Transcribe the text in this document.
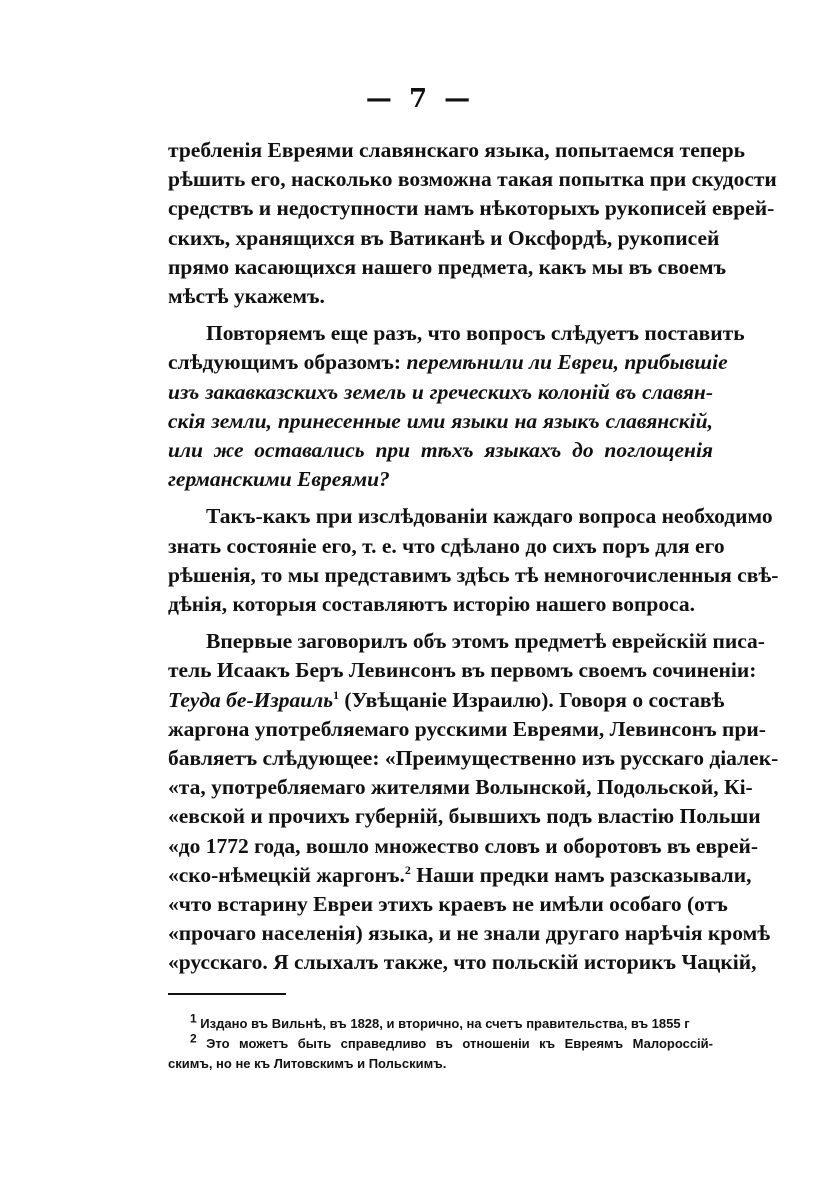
— 7 —

требленія Евреями славянскаго языка, попытаемся теперь
рѣшить его, насколько возможна такая попытка при скудости
средствъ и недоступности намъ нѣкоторыхъ рукописей еврей-
скихъ, хранящихся въ Ватиканѣ и Оксфордѣ, рукописей
прямо касающихся нашего предмета, какъ мы въ своемъ
мѣстѣ укажемъ.

Повторяемъ еще разъ, что вопросъ слѣдуетъ поставить
слѣдующимъ образомъ: перемѣнили ли Евреи, прибывшіе
изъ закавказскихъ земель и греческихъ колоній въ славян-
скія земли, принесенные ими языки на языкъ славянскій,
или же оставались при тѣхъ языкахъ до поглощенія
германскими Евреями?

Такъ-какъ при изслѣдованіи каждаго вопроса необходимо
знать состояніе его, т. е. что сдѣлано до сихъ поръ для его
рѣшенія, то мы представимъ здѣсь тѣ немногочисленныя свѣ-
дѣнія, которыя составляютъ исторію нашего вопроса.

Впервые заговорилъ объ этомъ предметѣ еврейскій писа-
тель Исаакъ Беръ Левинсонъ въ первомъ своемъ сочиненіи:
Теуда бе-Израиль$^1$ (Увѣщаніе Израилю). Говоря о составѣ
жаргона употребляемаго русскими Евреями, Левинсонъ при-
бавляетъ слѣдующее: «Преимущественно изъ русскаго діалек-
«та, употребляемаго жителями Волынской, Подольской, Кі-
«евской и прочихъ губерній, бывшихъ подъ властію Польши
«до 1772 года, вошло множество словъ и оборотовъ въ еврей-
«ско-нѣмецкій жаргонъ.$^2$ Наши предки намъ разсказывали,
«что встарину Евреи этихъ краевъ не имѣли особаго (отъ
«прочаго населенія) языка, и не знали другаго нарѣчія кромѣ
«русскаго. Я слыхалъ также, что польскій историкъ Чацкій,

$^1$ Издано въ Вильнѣ, въ 1828, и вторично, на счетъ правительства, въ 1855 г
$^2$ Это можетъ быть справедливо въ отношеніи къ Евреямъ Малороссій-
скимъ, но не къ Литовскимъ и Польскимъ.
